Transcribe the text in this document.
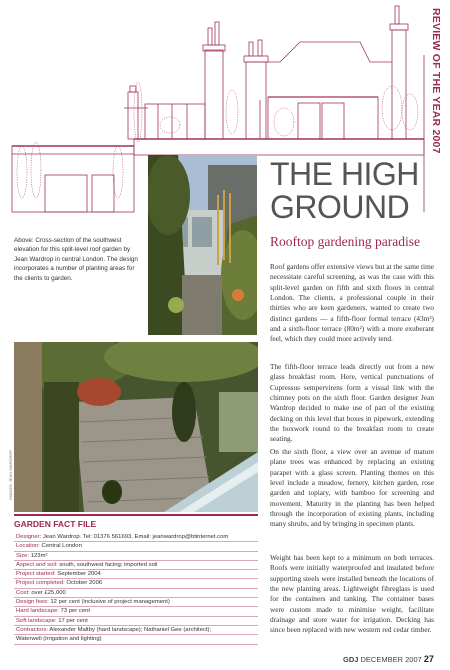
REVIEW OF THE YEAR 2007
Above: Cross-section of the southwest elevation for this split-level roof garden by Jean Wardrop in central London. The design incorporates a number of planting areas for the clients to garden.
THE HIGH GROUND
Rooftop gardening paradise

Roof gardens offer extensive views but at the same time necessitate careful screening, as was the case with this split-level garden on fifth and sixth floors in central London. The clients, a professional couple in their thirties who are keen gardeners, wanted to create two distinct gardens — a fifth-floor formal terrace (43m²) and a sixth-floor terrace (80m²) with a more exuberant feel, which they could more actively tend.

The fifth-floor terrace leads directly out from a new glass breakfast room. Here, vertical punctuations of Cupressus sempervirens form a visual link with the chimney pots on the sixth floor. Garden designer Jean Wardrop decided to make use of part of the existing decking on this level that boxes in pipework, extending the boxwork round to the breakfast room to create seating.

On the sixth floor, a view over an avenue of mature plane trees was enhanced by replacing an existing parapet with a glass screen. Planting themes on this level include a meadow, fernery, kitchen garden, rose garden and topiary, with bamboo for screening and movement. Maturity in the planting has been helped through the incorporation of existing plants, including many shrubs, and by bringing in specimen plants.

Weight has been kept to a minimum on both terraces. Roofs were initially waterproofed and insulated before supporting steels were installed beneath the locations of the new planting areas. Lightweight fibreglass is used for the containers and tanking. The container bases were custom made to minimise weight, facilitate drainage and store water for irrigation. Decking has since been replaced with new western red cedar timber.

IMAGES: JEAN WARDROP
GARDEN FACT FILE
Designer: Jean Wardrop. Tel: 01376 561693. Email: jeanwardrop@btinternet.com
Location: Central London
Size: 123m²
Aspect and soil: south, southwest facing; imported soil
Project started: September 2004
Project completed: October 2006
Cost: over £25,000
Design fees: 12 per cent (inclusive of project management)
Hard landscape: 73 per cent
Soft landscape: 17 per cent
Contractors: Alexander Maltby (hard landscape); Nathaniel Gee (architect);
Waterwell (irrigation and lighting)
GDJ DECEMBER 2007 27
